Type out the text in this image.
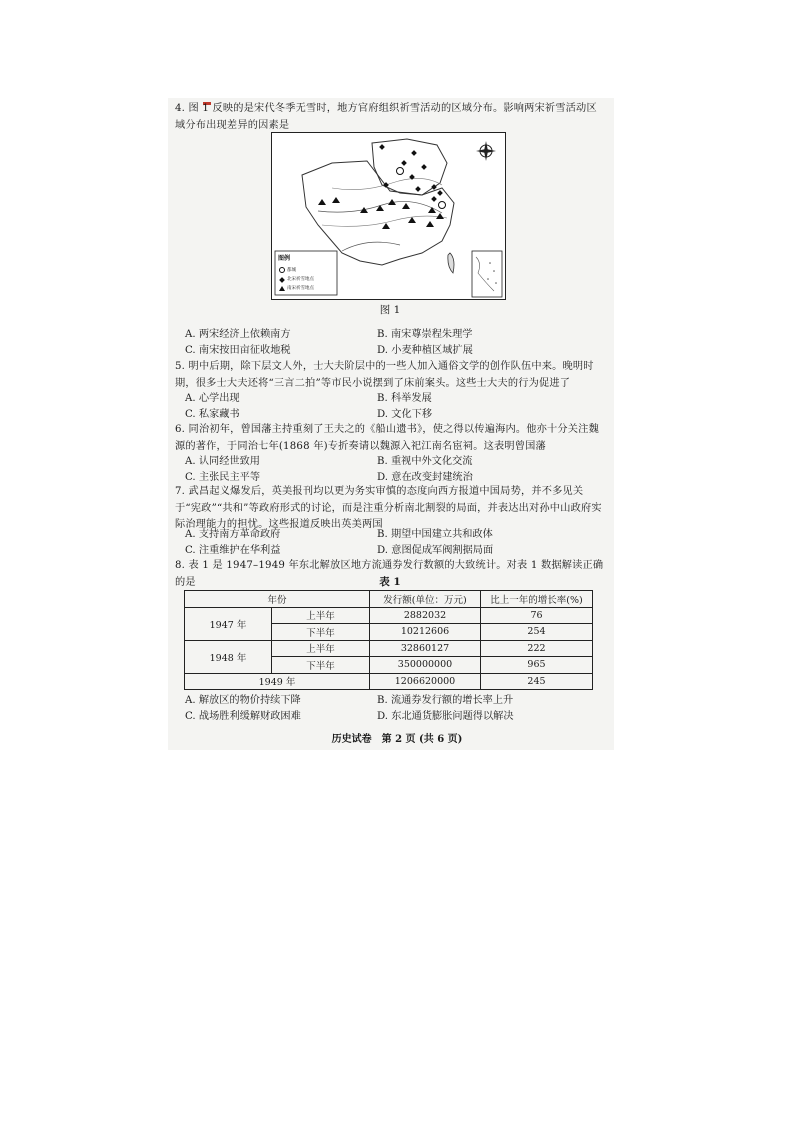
4. 图 1 反映的是宋代冬季无雪时，地方官府组织祈雪活动的区域分布。影响两宋祈雪活动区域分布出现差异的因素是
图例
都城
北宋祈雪地点
南宋祈雪地点
图 1
A. 两宋经济上依赖南方	B. 南宋尊崇程朱理学
C. 南宋按田亩征收地税	D. 小麦种植区域扩展
5. 明中后期，除下层文人外，士大夫阶层中的一些人加入通俗文学的创作队伍中来。晚明时期，很多士大夫还将“三言二拍”等市民小说摆到了床前案头。这些士大夫的行为促进了
A. 心学出现	B. 科举发展
C. 私家藏书	D. 文化下移
6. 同治初年，曾国藩主持重刻了王夫之的《船山遗书》，使之得以传遍海内。他亦十分关注魏源的著作，于同治七年(1868 年)专折奏请以魏源入祀江南名宦祠。这表明曾国藩
A. 认同经世致用	B. 重视中外文化交流
C. 主张民主平等	D. 意在改变封建统治
7. 武昌起义爆发后，英美报刊均以更为务实审慎的态度向西方报道中国局势，并不多见关于“宪政”“共和”等政府形式的讨论，而是注重分析南北割裂的局面，并表达出对孙中山政府实际治理能力的担忧。这些报道反映出英美两国
A. 支持南方革命政府	B. 期望中国建立共和政体
C. 注重维护在华利益	D. 意图促成军阀割据局面
8. 表 1 是 1947–1949 年东北解放区地方流通券发行数额的大致统计。对表 1 数据解读正确的是	表 1
年份		发行额(单位：万元)	比上一年的增长率(%)
1947 年	上半年	2882032	76
	下半年	10212606	254
1948 年	上半年	32860127	222
	下半年	350000000	965
1949 年		1206620000	245
A. 解放区的物价持续下降	B. 流通券发行额的增长率上升
C. 战场胜利缓解财政困难	D. 东北通货膨胀问题得以解决
历史试卷　第 2 页 (共 6 页)
